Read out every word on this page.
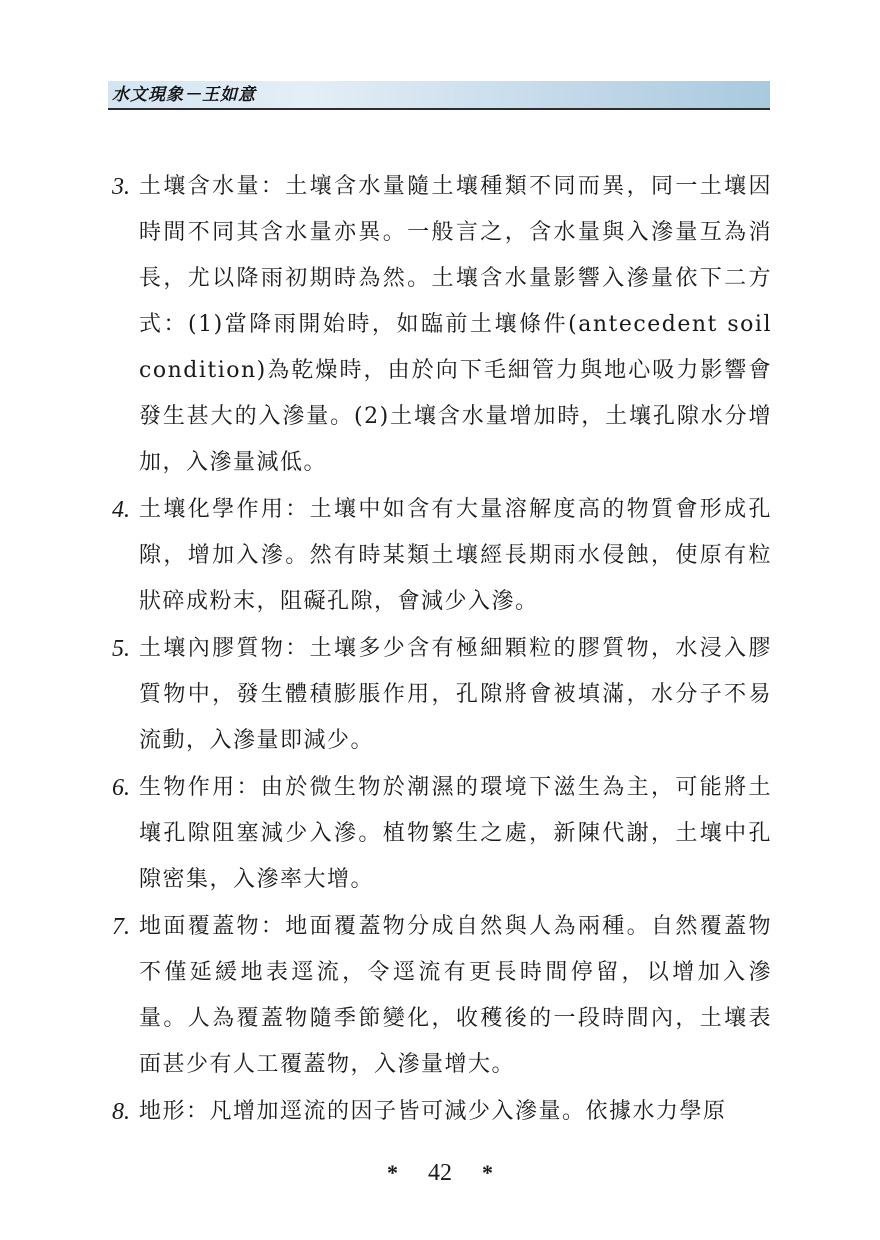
水文現象－王如意
3. 土壤含水量：土壤含水量隨土壤種類不同而異，同一土壤因時間不同其含水量亦異。一般言之，含水量與入滲量互為消長，尤以降雨初期時為然。土壤含水量影響入滲量依下二方式：(1)當降雨開始時，如臨前土壤條件(antecedent soil condition)為乾燥時，由於向下毛細管力與地心吸力影響會發生甚大的入滲量。(2)土壤含水量增加時，土壤孔隙水分增加，入滲量減低。
4. 土壤化學作用：土壤中如含有大量溶解度高的物質會形成孔隙，增加入滲。然有時某類土壤經長期雨水侵蝕，使原有粒狀碎成粉末，阻礙孔隙，會減少入滲。
5. 土壤內膠質物：土壤多少含有極細顆粒的膠質物，水浸入膠質物中，發生體積膨脹作用，孔隙將會被填滿，水分子不易流動，入滲量即減少。
6. 生物作用：由於微生物於潮濕的環境下滋生為主，可能將土壤孔隙阻塞減少入滲。植物繁生之處，新陳代謝，土壤中孔隙密集，入滲率大增。
7. 地面覆蓋物：地面覆蓋物分成自然與人為兩種。自然覆蓋物不僅延緩地表逕流，令逕流有更長時間停留，以增加入滲量。人為覆蓋物隨季節變化，收穫後的一段時間內，土壤表面甚少有人工覆蓋物，入滲量增大。
8. 地形：凡增加逕流的因子皆可減少入滲量。依據水力學原
* 42 *
